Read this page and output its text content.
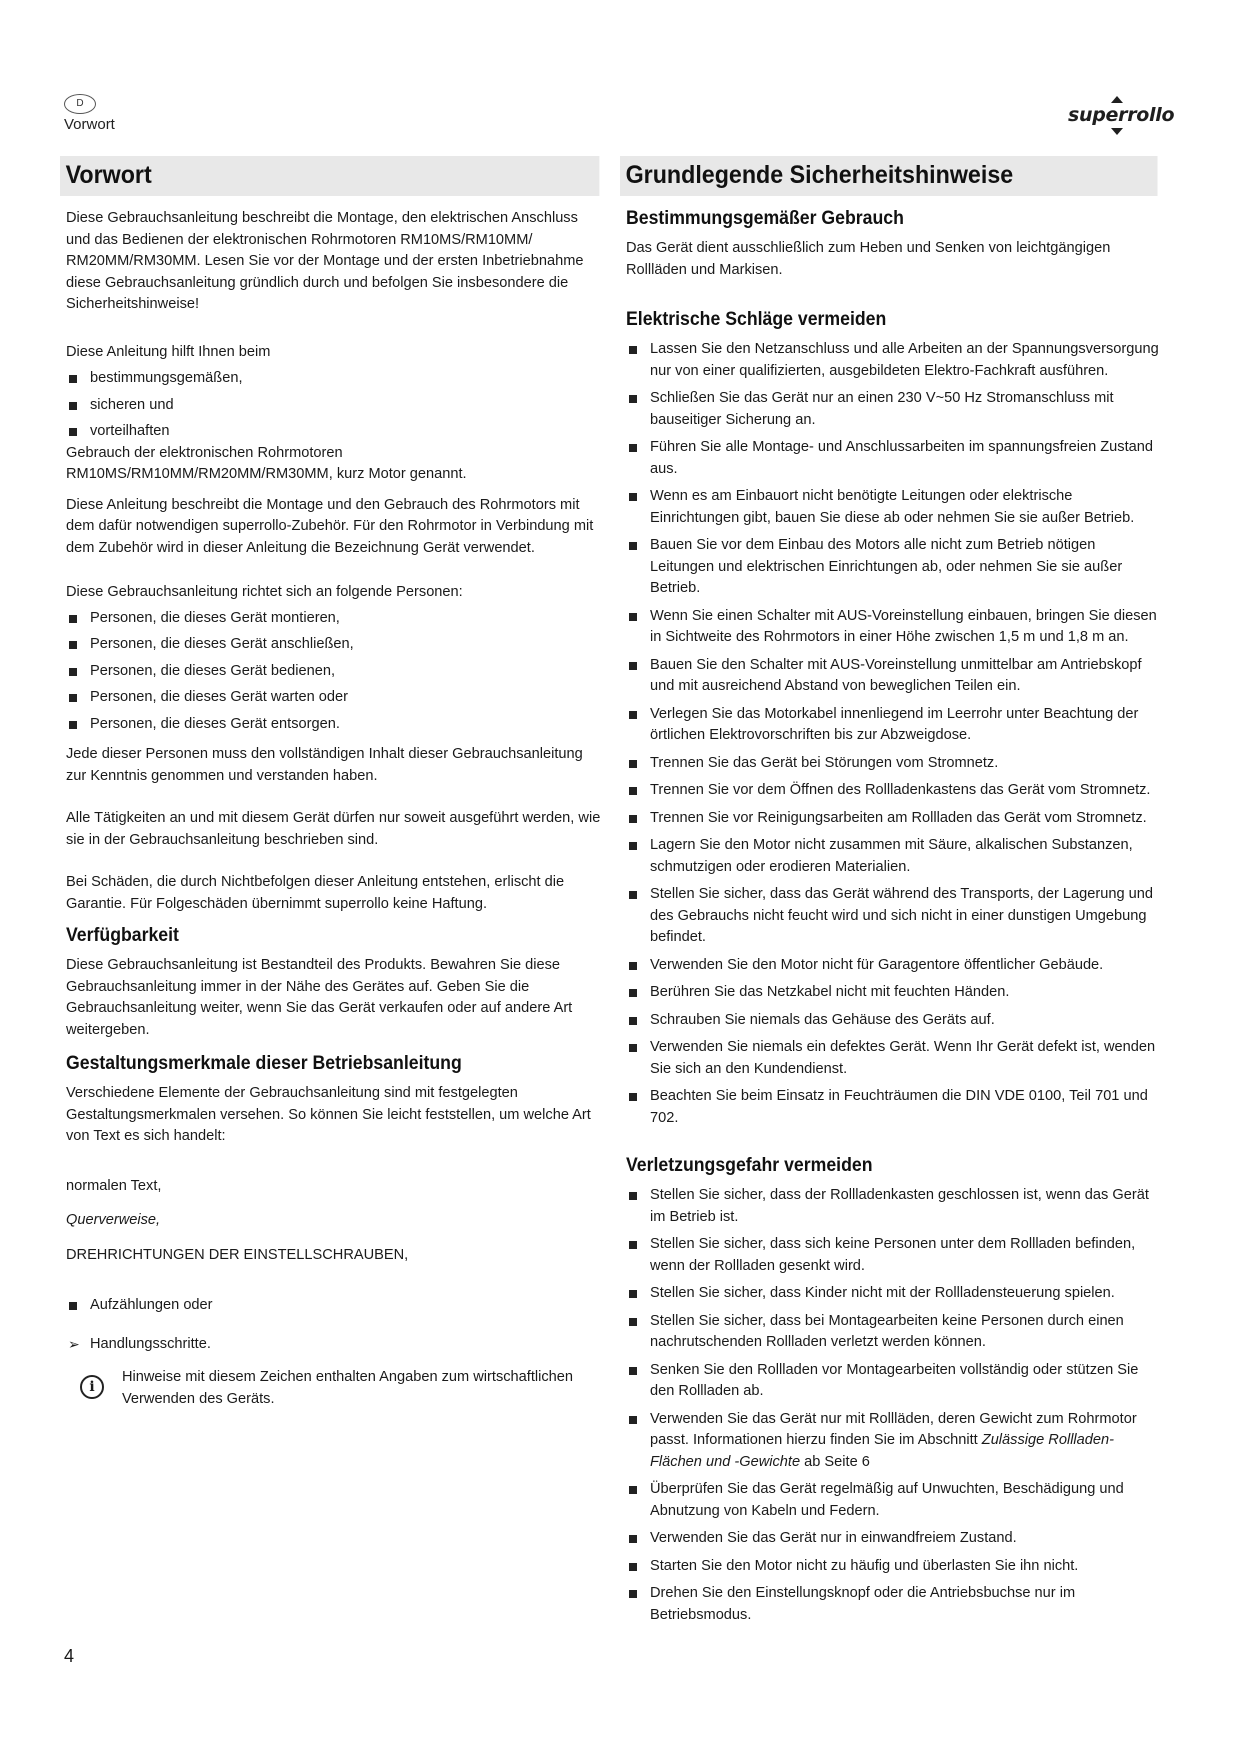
D
Vorwort	superrollo
Vorwort

Diese Gebrauchsanleitung beschreibt die Montage, den elektrischen Anschluss und das Bedienen der elektronischen Rohrmotoren RM10MS/RM10MM/ RM20MM/RM30MM. Lesen Sie vor der Montage und der ersten Inbetriebnahme diese Gebrauchsanleitung gründlich durch und befolgen Sie insbesondere die Sicherheitshinweise!

Diese Anleitung hilft Ihnen beim

bestimmungsgemäßen,
sicheren und
vorteilhaften

Gebrauch der elektronischen Rohrmotoren RM10MS/RM10MM/RM20MM/RM30MM, kurz Motor genannt.

Diese Anleitung beschreibt die Montage und den Gebrauch des Rohrmotors mit dem dafür notwendigen superrollo-Zubehör. Für den Rohrmotor in Verbindung mit dem Zubehör wird in dieser Anleitung die Bezeichnung Gerät verwendet.

Diese Gebrauchsanleitung richtet sich an folgende Personen:

Personen, die dieses Gerät montieren,
Personen, die dieses Gerät anschließen,
Personen, die dieses Gerät bedienen,
Personen, die dieses Gerät warten oder
Personen, die dieses Gerät entsorgen.

Jede dieser Personen muss den vollständigen Inhalt dieser Gebrauchsanleitung zur Kenntnis genommen und verstanden haben.

Alle Tätigkeiten an und mit diesem Gerät dürfen nur soweit ausgeführt werden, wie sie in der Gebrauchsanleitung beschrieben sind.

Bei Schäden, die durch Nichtbefolgen dieser Anleitung entstehen, erlischt die Garantie. Für Folgeschäden übernimmt superrollo keine Haftung.

Verfügbarkeit

Diese Gebrauchsanleitung ist Bestandteil des Produkts. Bewahren Sie diese Gebrauchsanleitung immer in der Nähe des Gerätes auf. Geben Sie die Gebrauchsanleitung weiter, wenn Sie das Gerät verkaufen oder auf andere Art weitergeben.

Gestaltungsmerkmale dieser Betriebsanleitung

Verschiedene Elemente der Gebrauchsanleitung sind mit festgelegten Gestaltungsmerkmalen versehen. So können Sie leicht feststellen, um welche Art von Text es sich handelt:

normalen Text,

Querverweise,

DREHRICHTUNGEN DER EINSTELLSCHRAUBEN,

Aufzählungen oder
➢ Handlungsschritte.
i
Hinweise mit diesem Zeichen enthalten Angaben zum wirtschaftlichen Verwenden des Geräts.
Grundlegende Sicherheitshinweise
Bestimmungsgemäßer Gebrauch

Das Gerät dient ausschließlich zum Heben und Senken von leichtgängigen Rollläden und Markisen.

Elektrische Schläge vermeiden
Lassen Sie den Netzanschluss und alle Arbeiten an der Spannungsversorgung nur von einer qualifizierten, ausgebildeten Elektro-Fachkraft ausführen.
Schließen Sie das Gerät nur an einen 230 V~50 Hz Stromanschluss mit bauseitiger Sicherung an.
Führen Sie alle Montage- und Anschlussarbeiten im spannungsfreien Zustand aus.
Wenn es am Einbauort nicht benötigte Leitungen oder elektrische Einrichtungen gibt, bauen Sie diese ab oder nehmen Sie sie außer Betrieb.
Bauen Sie vor dem Einbau des Motors alle nicht zum Betrieb nötigen Leitungen und elektrischen Einrichtungen ab, oder nehmen Sie sie außer Betrieb.
Wenn Sie einen Schalter mit AUS-Voreinstellung einbauen, bringen Sie diesen in Sichtweite des Rohrmotors in einer Höhe zwischen 1,5 m und 1,8 m an.
Bauen Sie den Schalter mit AUS-Voreinstellung unmittelbar am Antriebskopf und mit ausreichend Abstand von beweglichen Teilen ein.
Verlegen Sie das Motorkabel innenliegend im Leerrohr unter Beachtung der örtlichen Elektrovorschriften bis zur Abzweigdose.
Trennen Sie das Gerät bei Störungen vom Stromnetz.
Trennen Sie vor dem Öffnen des Rollladenkastens das Gerät vom Stromnetz.
Trennen Sie vor Reinigungsarbeiten am Rollladen das Gerät vom Stromnetz.
Lagern Sie den Motor nicht zusammen mit Säure, alkalischen Substanzen, schmutzigen oder erodieren Materialien.
Stellen Sie sicher, dass das Gerät während des Transports, der Lagerung und des Gebrauchs nicht feucht wird und sich nicht in einer dunstigen Umgebung befindet.
Verwenden Sie den Motor nicht für Garagentore öffentlicher Gebäude.
Berühren Sie das Netzkabel nicht mit feuchten Händen.
Schrauben Sie niemals das Gehäuse des Geräts auf.
Verwenden Sie niemals ein defektes Gerät. Wenn Ihr Gerät defekt ist, wenden Sie sich an den Kundendienst.
Beachten Sie beim Einsatz in Feuchträumen die DIN VDE 0100, Teil 701 und 702.
Verletzungsgefahr vermeiden
Stellen Sie sicher, dass der Rollladenkasten geschlossen ist, wenn das Gerät im Betrieb ist.
Stellen Sie sicher, dass sich keine Personen unter dem Rollladen befinden, wenn der Rollladen gesenkt wird.
Stellen Sie sicher, dass Kinder nicht mit der Rollladensteuerung spielen.
Stellen Sie sicher, dass bei Montagearbeiten keine Personen durch einen nachrutschenden Rollladen verletzt werden können.
Senken Sie den Rollladen vor Montagearbeiten vollständig oder stützen Sie den Rollladen ab.
Verwenden Sie das Gerät nur mit Rollläden, deren Gewicht zum Rohrmotor passt. Informationen hierzu finden Sie im Abschnitt Zulässige Rollladen-Flächen und -Gewichte ab Seite 6
Überprüfen Sie das Gerät regelmäßig auf Unwuchten, Beschädigung und Abnutzung von Kabeln und Federn.
Verwenden Sie das Gerät nur in einwandfreiem Zustand.
Starten Sie den Motor nicht zu häufig und überlasten Sie ihn nicht.
Drehen Sie den Einstellungsknopf oder die Antriebsbuchse nur im Betriebsmodus.
4
